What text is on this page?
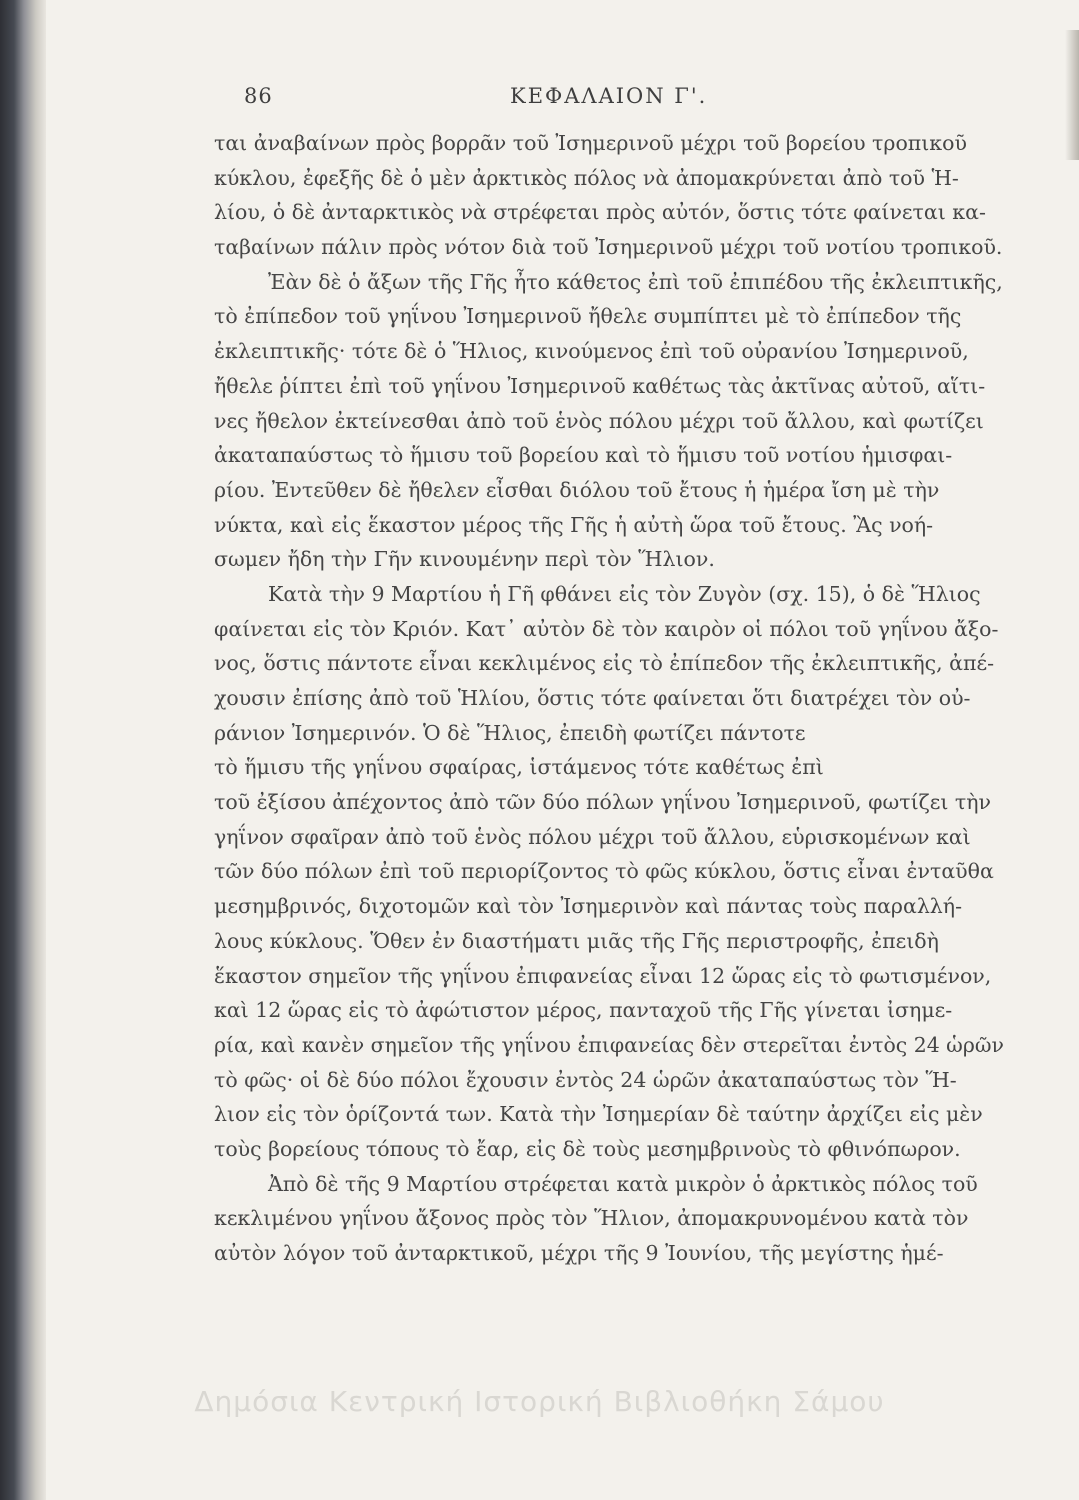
86	ΚΕΦΑΛΑΙΟΝ Γ'.
ται ἀναβαίνων πρὸς βορρᾶν τοῦ Ἰσημερινοῦ μέχρι τοῦ βορείου τροπικοῦ
κύκλου, ἐφεξῆς δὲ ὁ μὲν ἀρκτικὸς πόλος νὰ ἀπομακρύνεται ἀπὸ τοῦ Ἡ-
λίου, ὁ δὲ ἀνταρκτικὸς νὰ στρέφεται πρὸς αὐτόν, ὅστις τότε φαίνεται κα-
ταβαίνων πάλιν πρὸς νότον διὰ τοῦ Ἰσημερινοῦ μέχρι τοῦ νοτίου τροπικοῦ.
Ἐὰν δὲ ὁ ἄξων τῆς Γῆς ἦτο κάθετος ἐπὶ τοῦ ἐπιπέδου τῆς ἐκλειπτικῆς,
τὸ ἐπίπεδον τοῦ γηΐνου Ἰσημερινοῦ ἤθελε συμπίπτει μὲ τὸ ἐπίπεδον τῆς
ἐκλειπτικῆς· τότε δὲ ὁ Ἥλιος, κινούμενος ἐπὶ τοῦ οὐρανίου Ἰσημερινοῦ,
ἤθελε ῥίπτει ἐπὶ τοῦ γηΐνου Ἰσημερινοῦ καθέτως τὰς ἀκτῖνας αὐτοῦ, αἵτι-
νες ἤθελον ἐκτείνεσθαι ἀπὸ τοῦ ἑνὸς πόλου μέχρι τοῦ ἄλλου, καὶ φωτίζει
ἀκαταπαύστως τὸ ἥμισυ τοῦ βορείου καὶ τὸ ἥμισυ τοῦ νοτίου ἡμισφαι-
ρίου. Ἐντεῦθεν δὲ ἤθελεν εἶσθαι διόλου τοῦ ἔτους ἡ ἡμέρα ἴση μὲ τὴν
νύκτα, καὶ εἰς ἕκαστον μέρος τῆς Γῆς ἡ αὐτὴ ὥρα τοῦ ἔτους. Ἂς νοή-
σωμεν ἤδη τὴν Γῆν κινουμένην περὶ τὸν Ἥλιον.
Κατὰ τὴν 9 Μαρτίου ἡ Γῆ φθάνει εἰς τὸν Ζυγὸν (σχ. 15), ὁ δὲ Ἥλιος
φαίνεται εἰς τὸν Κριόν. Κατ᾽ αὐτὸν δὲ τὸν καιρὸν οἱ πόλοι τοῦ γηΐνου ἄξο-
νος, ὅστις πάντοτε εἶναι κεκλιμένος εἰς τὸ ἐπίπεδον τῆς ἐκλειπτικῆς, ἀπέ-
χουσιν ἐπίσης ἀπὸ τοῦ Ἡλίου, ὅστις τότε φαίνεται ὅτι διατρέχει τὸν οὐ-
ράνιον Ἰσημερινόν. Ὁ δὲ Ἥλιος, ἐπειδὴ φωτίζει πάντοτε
τὸ ἥμισυ τῆς γηΐνου σφαίρας, ἱστάμενος τότε καθέτως ἐπὶ
τοῦ ἐξίσου ἀπέχοντος ἀπὸ τῶν δύο πόλων γηΐνου Ἰσημερινοῦ, φωτίζει τὴν
γηΐνον σφαῖραν ἀπὸ τοῦ ἑνὸς πόλου μέχρι τοῦ ἄλλου, εὑρισκομένων καὶ
τῶν δύο πόλων ἐπὶ τοῦ περιορίζοντος τὸ φῶς κύκλου, ὅστις εἶναι ἐνταῦθα
μεσημβρινός, διχοτομῶν καὶ τὸν Ἰσημερινὸν καὶ πάντας τοὺς παραλλή-
λους κύκλους. Ὅθεν ἐν διαστήματι μιᾶς τῆς Γῆς περιστροφῆς, ἐπειδὴ
ἕκαστον σημεῖον τῆς γηΐνου ἐπιφανείας εἶναι 12 ὥρας εἰς τὸ φωτισμένον,
καὶ 12 ὥρας εἰς τὸ ἀφώτιστον μέρος, πανταχοῦ τῆς Γῆς γίνεται ἰσημε-
ρία, καὶ κανὲν σημεῖον τῆς γηΐνου ἐπιφανείας δὲν στερεῖται ἐντὸς 24 ὡρῶν
τὸ φῶς· οἱ δὲ δύο πόλοι ἔχουσιν ἐντὸς 24 ὡρῶν ἀκαταπαύστως τὸν Ἥ-
λιον εἰς τὸν ὁρίζοντά των. Κατὰ τὴν Ἰσημερίαν δὲ ταύτην ἀρχίζει εἰς μὲν
τοὺς βορείους τόπους τὸ ἔαρ, εἰς δὲ τοὺς μεσημβρινοὺς τὸ φθινόπωρον.
Ἀπὸ δὲ τῆς 9 Μαρτίου στρέφεται κατὰ μικρὸν ὁ ἀρκτικὸς πόλος τοῦ
κεκλιμένου γηΐνου ἄξονος πρὸς τὸν Ἥλιον, ἀπομακρυνομένου κατὰ τὸν
αὐτὸν λόγον τοῦ ἀνταρκτικοῦ, μέχρι τῆς 9 Ἰουνίου, τῆς μεγίστης ἡμέ-
Δημόσια Κεντρική Ιστορική Βιβλιοθήκη Σάμου
